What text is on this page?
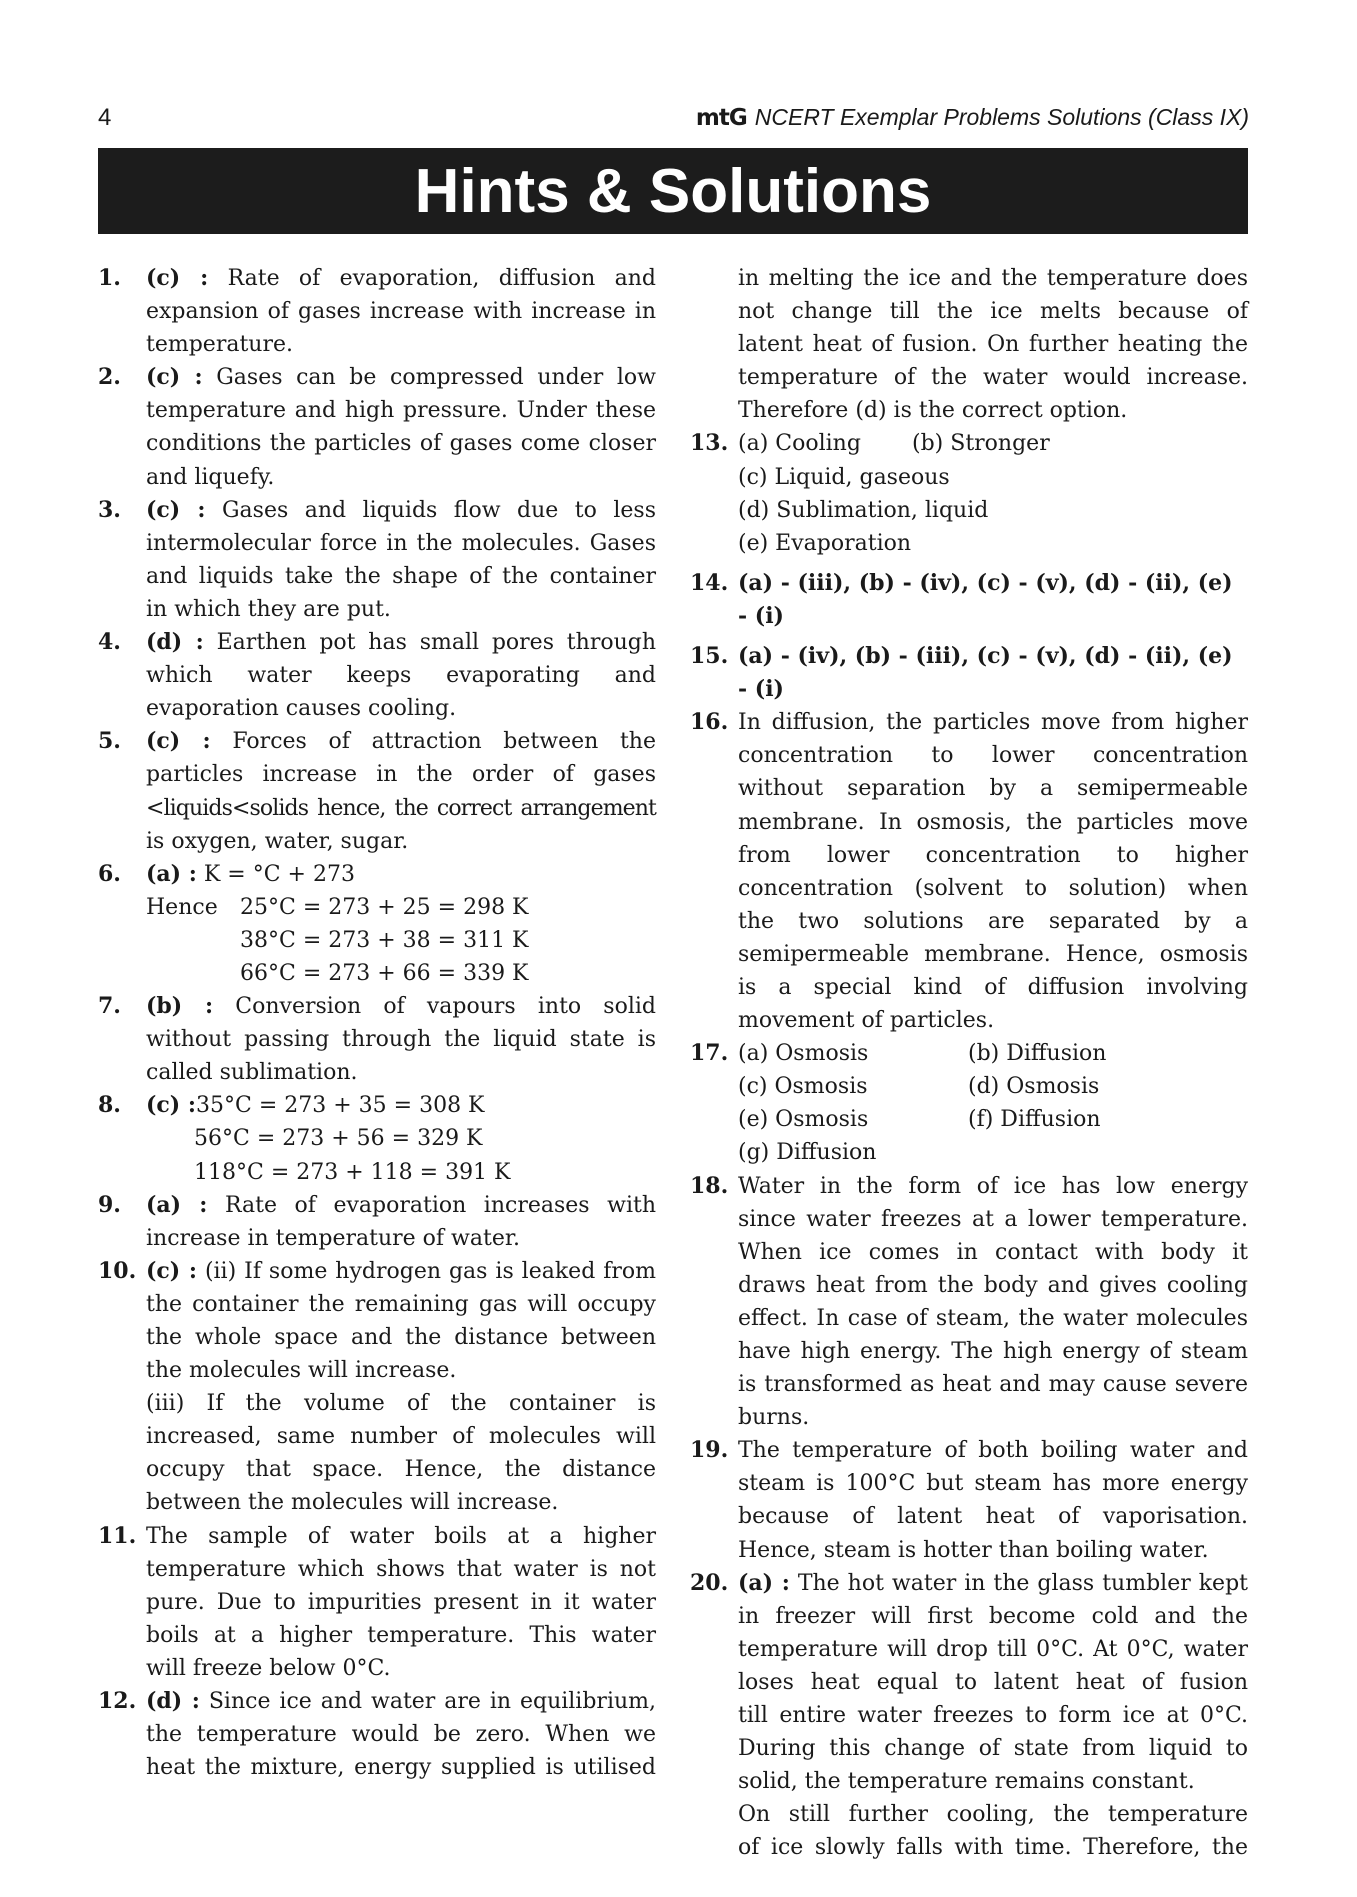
4	mtG NCERT Exemplar Problems Solutions (Class IX)
Hints & Solutions
1. (c) : Rate of evaporation, diffusion and
expansion of gases increase with increase in
temperature.
2. (c) : Gases can be compressed under low
temperature and high pressure. Under these
conditions the particles of gases come closer
and liquefy.
3. (c) : Gases and liquids flow due to less
intermolecular force in the molecules. Gases
and liquids take the shape of the container
in which they are put.
4. (d) : Earthen pot has small pores through
which water keeps evaporating and
evaporation causes cooling.
5. (c) : Forces of attraction between the
particles increase in the order of gases
<liquids<solids hence, the correct arrangement
is oxygen, water, sugar.
6. (a) : K = °C + 273
Hence 25°C = 273 + 25 = 298 K
38°C = 273 + 38 = 311 K
66°C = 273 + 66 = 339 K
7. (b) : Conversion of vapours into solid
without passing through the liquid state is
called sublimation.
8. (c) :35°C = 273 + 35 = 308 K
56°C = 273 + 56 = 329 K
118°C = 273 + 118 = 391 K
9. (a) : Rate of evaporation increases with
increase in temperature of water.
10. (c) : (ii) If some hydrogen gas is leaked from
the container the remaining gas will occupy
the whole space and the distance between
the molecules will increase.
(iii) If the volume of the container is
increased, same number of molecules will
occupy that space. Hence, the distance
between the molecules will increase.
11. The sample of water boils at a higher
temperature which shows that water is not
pure. Due to impurities present in it water
boils at a higher temperature. This water
will freeze below 0°C.
12. (d) : Since ice and water are in equilibrium,
the temperature would be zero. When we
heat the mixture, energy supplied is utilised
in melting the ice and the temperature does
not change till the ice melts because of
latent heat of fusion. On further heating the
temperature of the water would increase.
Therefore (d) is the correct option.
13. (a) Cooling	(b) Stronger
(c) Liquid, gaseous
(d) Sublimation, liquid
(e) Evaporation
14. (a) - (iii), (b) - (iv), (c) - (v), (d) - (ii), (e) - (i)
15. (a) - (iv), (b) - (iii), (c) - (v), (d) - (ii), (e) - (i)
16. In diffusion, the particles move from higher
concentration to lower concentration
without separation by a semipermeable
membrane. In osmosis, the particles move
from lower concentration to higher
concentration (solvent to solution) when
the two solutions are separated by a
semipermeable membrane. Hence, osmosis
is a special kind of diffusion involving
movement of particles.
17. (a) Osmosis	(b) Diffusion
(c) Osmosis	(d) Osmosis
(e) Osmosis	(f) Diffusion
(g) Diffusion
18. Water in the form of ice has low energy
since water freezes at a lower temperature.
When ice comes in contact with body it
draws heat from the body and gives cooling
effect. In case of steam, the water molecules
have high energy. The high energy of steam
is transformed as heat and may cause severe
burns.
19. The temperature of both boiling water and
steam is 100°C but steam has more energy
because of latent heat of vaporisation.
Hence, steam is hotter than boiling water.
20. (a) : The hot water in the glass tumbler kept
in freezer will first become cold and the
temperature will drop till 0°C. At 0°C, water
loses heat equal to latent heat of fusion
till entire water freezes to form ice at 0°C.
During this change of state from liquid to
solid, the temperature remains constant.
On still further cooling, the temperature
of ice slowly falls with time. Therefore, the
